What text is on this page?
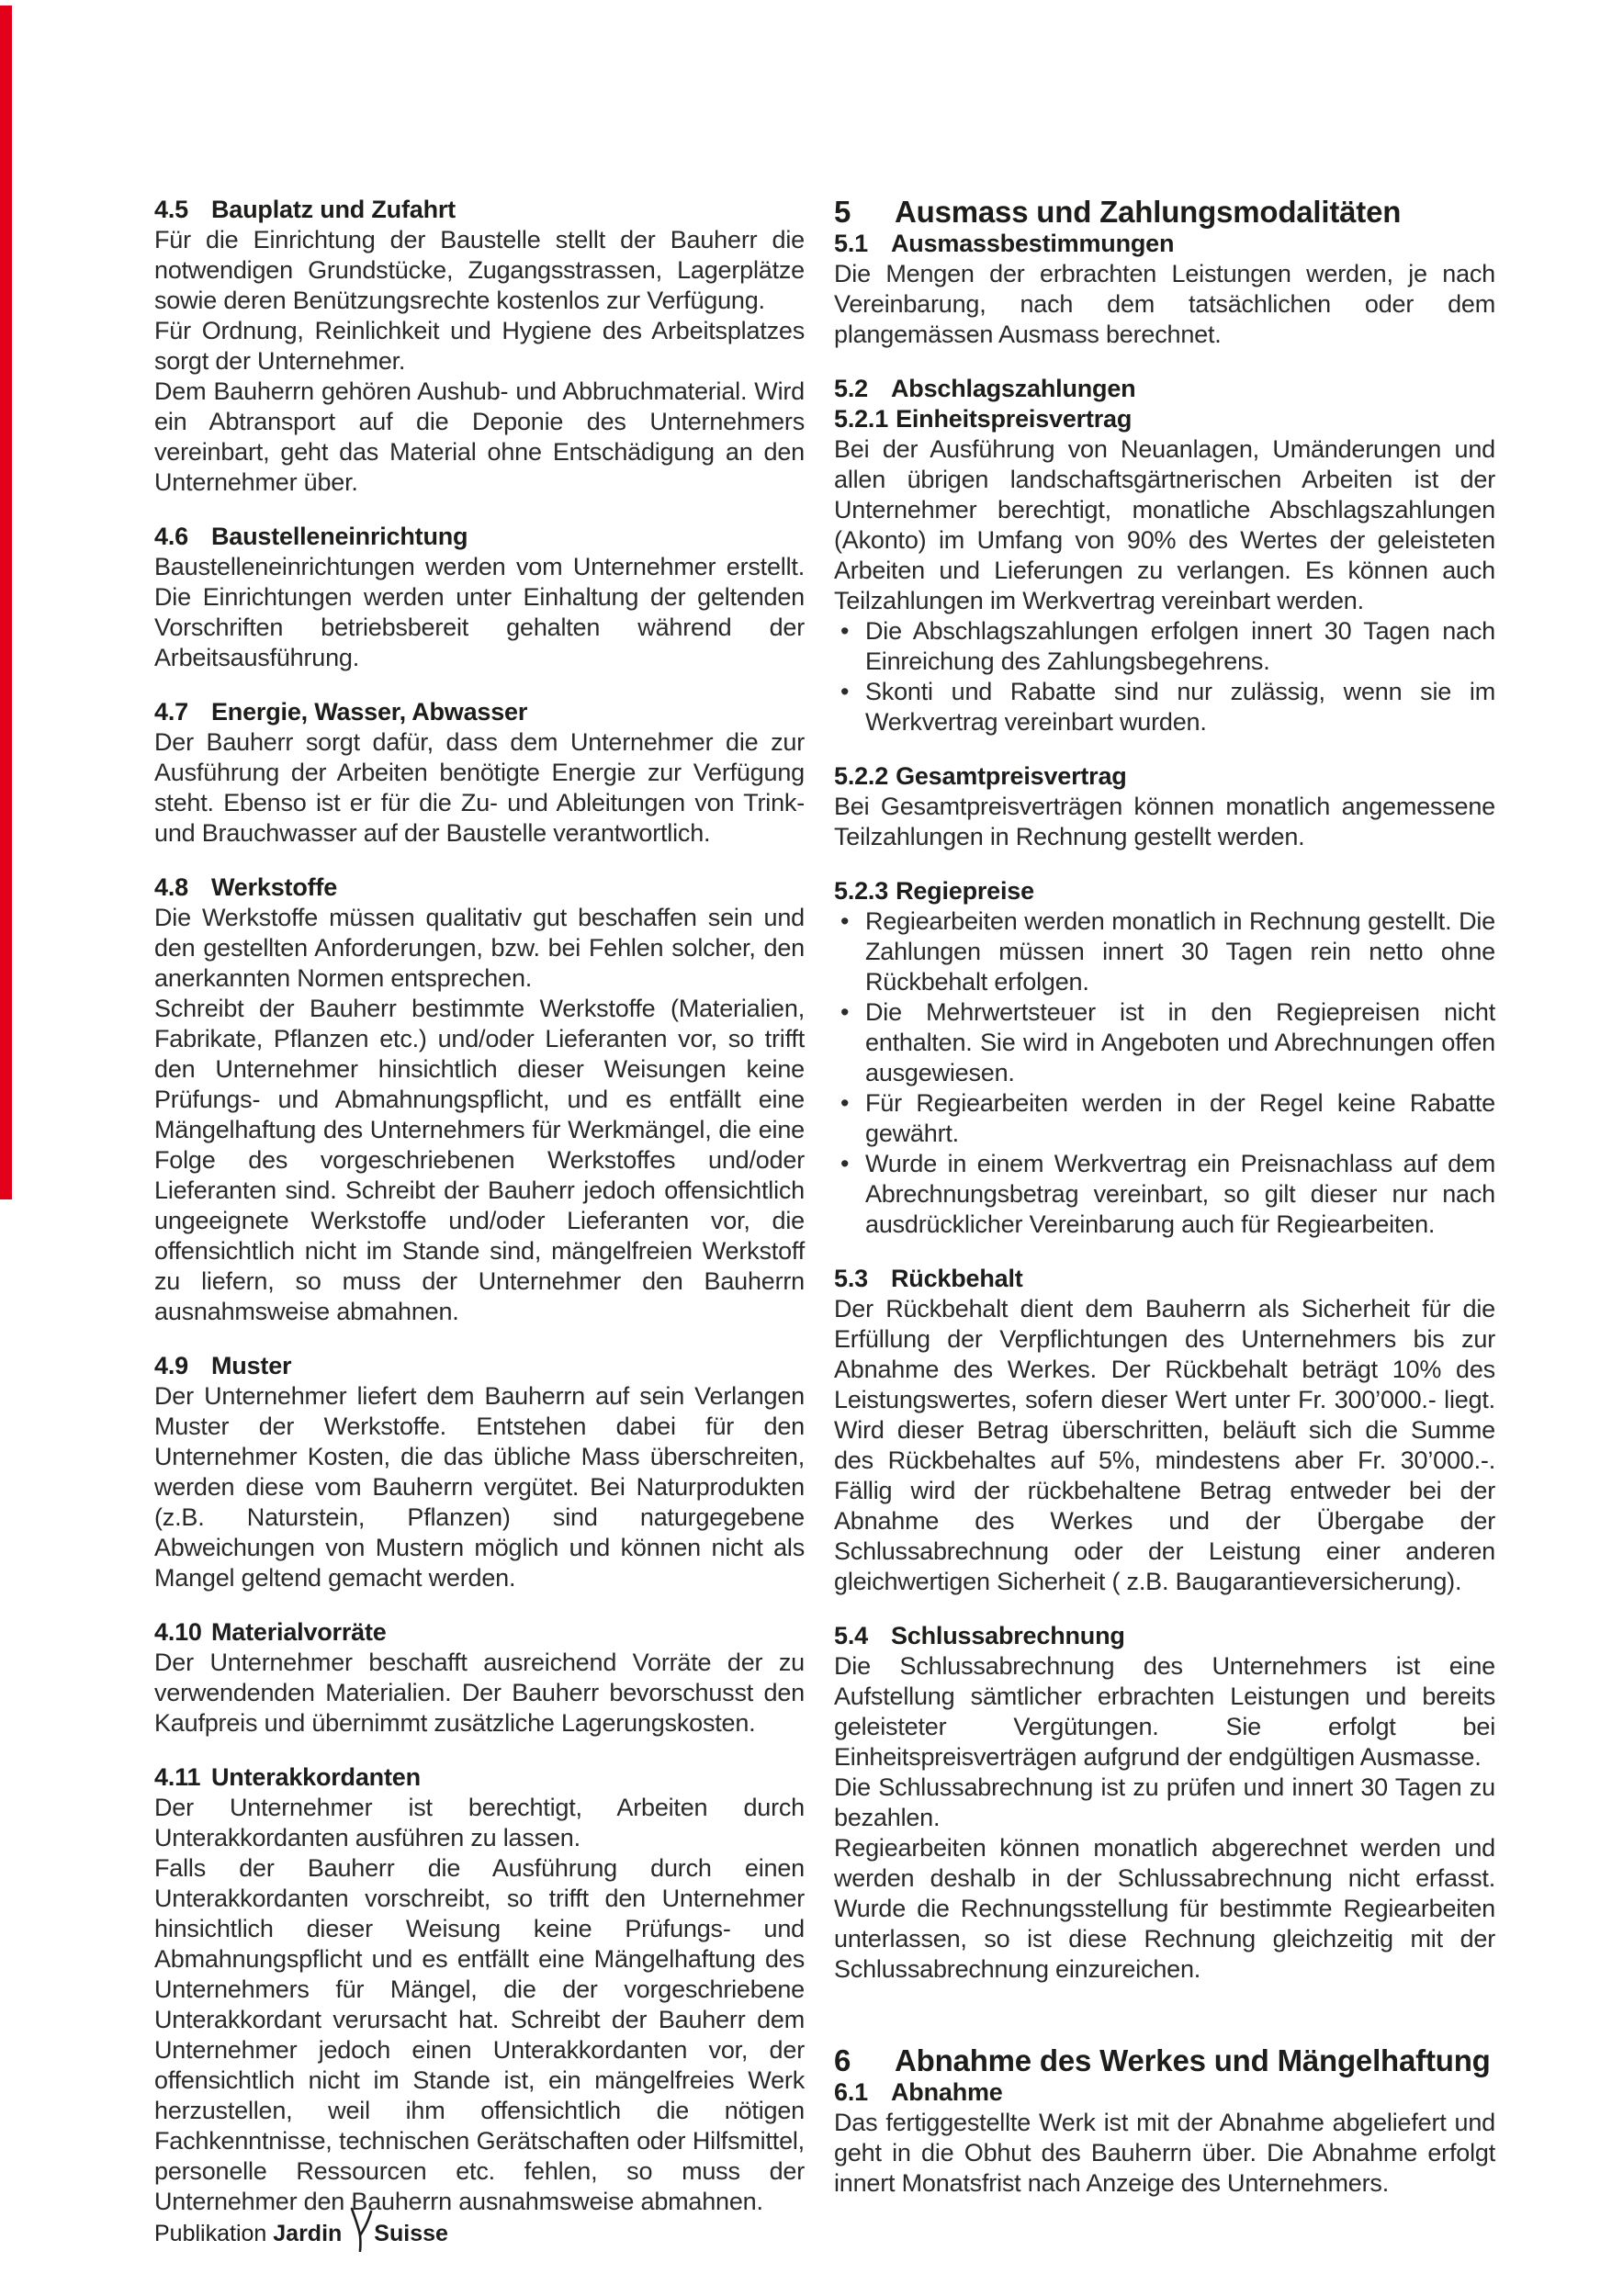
4.5 Bauplatz und Zufahrt

Für die Einrichtung der Baustelle stellt der Bauherr die notwendigen Grundstücke, Zugangsstrassen, Lagerplätze sowie deren Benützungsrechte kostenlos zur Verfügung.

Für Ordnung, Reinlichkeit und Hygiene des Arbeitsplatzes sorgt der Unternehmer.

Dem Bauherrn gehören Aushub- und Abbruchmaterial. Wird ein Abtransport auf die Deponie des Unternehmers vereinbart, geht das Material ohne Entschädigung an den Unternehmer über.

4.6 Baustelleneinrichtung

Baustelleneinrichtungen werden vom Unternehmer erstellt. Die Einrichtungen werden unter Einhaltung der geltenden Vorschriften betriebsbereit gehalten während der Arbeitsausführung.

4.7 Energie, Wasser, Abwasser

Der Bauherr sorgt dafür, dass dem Unternehmer die zur Ausführung der Arbeiten benötigte Energie zur Verfügung steht. Ebenso ist er für die Zu- und Ableitungen von Trink- und Brauchwasser auf der Baustelle verantwortlich.

4.8 Werkstoffe

Die Werkstoffe müssen qualitativ gut beschaffen sein und den gestellten Anforderungen, bzw. bei Fehlen solcher, den anerkannten Normen entsprechen.

Schreibt der Bauherr bestimmte Werkstoffe (Materialien, Fabrikate, Pflanzen etc.) und/oder Lieferanten vor, so trifft den Unternehmer hinsichtlich dieser Weisungen keine Prüfungs- und Abmahnungspflicht, und es entfällt eine Mängelhaftung des Unternehmers für Werkmängel, die eine Folge des vorgeschriebenen Werkstoffes und/oder Lieferanten sind. Schreibt der Bauherr jedoch offensichtlich ungeeignete Werkstoffe und/oder Lieferanten vor, die offensichtlich nicht im Stande sind, mängelfreien Werkstoff zu liefern, so muss der Unternehmer den Bauherrn ausnahmsweise abmahnen.

4.9 Muster

Der Unternehmer liefert dem Bauherrn auf sein Verlangen Muster der Werkstoffe. Entstehen dabei für den Unternehmer Kosten, die das übliche Mass überschreiten, werden diese vom Bauherrn vergütet. Bei Naturprodukten (z.B. Naturstein, Pflanzen) sind naturgegebene Abweichungen von Mustern möglich und können nicht als Mangel geltend gemacht werden.

4.10 Materialvorräte

Der Unternehmer beschafft ausreichend Vorräte der zu verwendenden Materialien. Der Bauherr bevorschusst den Kaufpreis und übernimmt zusätzliche Lagerungskosten.

4.11 Unterakkordanten

Der Unternehmer ist berechtigt, Arbeiten durch Unterakkordanten ausführen zu lassen.

Falls der Bauherr die Ausführung durch einen Unterakkordanten vorschreibt, so trifft den Unternehmer hinsichtlich dieser Weisung keine Prüfungs- und Abmahnungspflicht und es entfällt eine Mängelhaftung des Unternehmers für Mängel, die der vorgeschriebene Unterakkordant verursacht hat. Schreibt der Bauherr dem Unternehmer jedoch einen Unterakkordanten vor, der offensichtlich nicht im Stande ist, ein mängelfreies Werk herzustellen, weil ihm offensichtlich die nötigen Fachkenntnisse, technischen Gerätschaften oder Hilfsmittel, personelle Ressourcen etc. fehlen, so muss der Unternehmer den Bauherrn ausnahmsweise abmahnen.

5	Ausmass und Zahlungsmodalitäten
5.1 Ausmassbestimmungen

Die Mengen der erbrachten Leistungen werden, je nach Vereinbarung, nach dem tatsächlichen oder dem plangemässen Ausmass berechnet.

5.2 Abschlagszahlungen
5.2.1 Einheitspreisvertrag

Bei der Ausführung von Neuanlagen, Umänderungen und allen übrigen landschaftsgärtnerischen Arbeiten ist der Unternehmer berechtigt, monatliche Abschlagszahlungen (Akonto) im Umfang von 90% des Wertes der geleisteten Arbeiten und Lieferungen zu verlangen. Es können auch Teilzahlungen im Werkvertrag vereinbart werden.

• Die Abschlagszahlungen erfolgen innert 30 Tagen nach Einreichung des Zahlungsbegehrens.
• Skonti und Rabatte sind nur zulässig, wenn sie im Werkvertrag vereinbart wurden.
5.2.2 Gesamtpreisvertrag

Bei Gesamtpreisverträgen können monatlich angemessene Teilzahlungen in Rechnung gestellt werden.

5.2.3 Regiepreise
• Regiearbeiten werden monatlich in Rechnung gestellt. Die Zahlungen müssen innert 30 Tagen rein netto ohne Rückbehalt erfolgen.
• Die Mehrwertsteuer ist in den Regiepreisen nicht enthalten. Sie wird in Angeboten und Abrechnungen offen ausgewiesen.
• Für Regiearbeiten werden in der Regel keine Rabatte gewährt.
• Wurde in einem Werkvertrag ein Preisnachlass auf dem Abrechnungsbetrag vereinbart, so gilt dieser nur nach ausdrücklicher Vereinbarung auch für Regiearbeiten.
5.3 Rückbehalt

Der Rückbehalt dient dem Bauherrn als Sicherheit für die Erfüllung der Verpflichtungen des Unternehmers bis zur Abnahme des Werkes. Der Rückbehalt beträgt 10% des Leistungswertes, sofern dieser Wert unter Fr. 300’000.- liegt. Wird dieser Betrag überschritten, beläuft sich die Summe des Rückbehaltes auf 5%, mindestens aber Fr. 30’000.-. Fällig wird der rückbehaltene Betrag entweder bei der Abnahme des Werkes und der Übergabe der Schlussabrechnung oder der Leistung einer anderen gleichwertigen Sicherheit ( z.B. Baugarantieversicherung).

5.4 Schlussabrechnung

Die Schlussabrechnung des Unternehmers ist eine Aufstellung sämtlicher erbrachten Leistungen und bereits geleisteter Vergütungen. Sie erfolgt bei Einheitspreisverträgen aufgrund der endgültigen Ausmasse.

Die Schlussabrechnung ist zu prüfen und innert 30 Tagen zu bezahlen.

Regiearbeiten können monatlich abgerechnet werden und werden deshalb in der Schlussabrechnung nicht erfasst. Wurde die Rechnungsstellung für bestimmte Regiearbeiten unterlassen, so ist diese Rechnung gleichzeitig mit der Schlussabrechnung einzureichen.

6	Abnahme des Werkes und Mängelhaftung
6.1 Abnahme

Das fertiggestellte Werk ist mit der Abnahme abgeliefert und geht in die Obhut des Bauherrn über. Die Abnahme erfolgt innert Monatsfrist nach Anzeige des Unternehmers.

Publikation Jardin Suisse
